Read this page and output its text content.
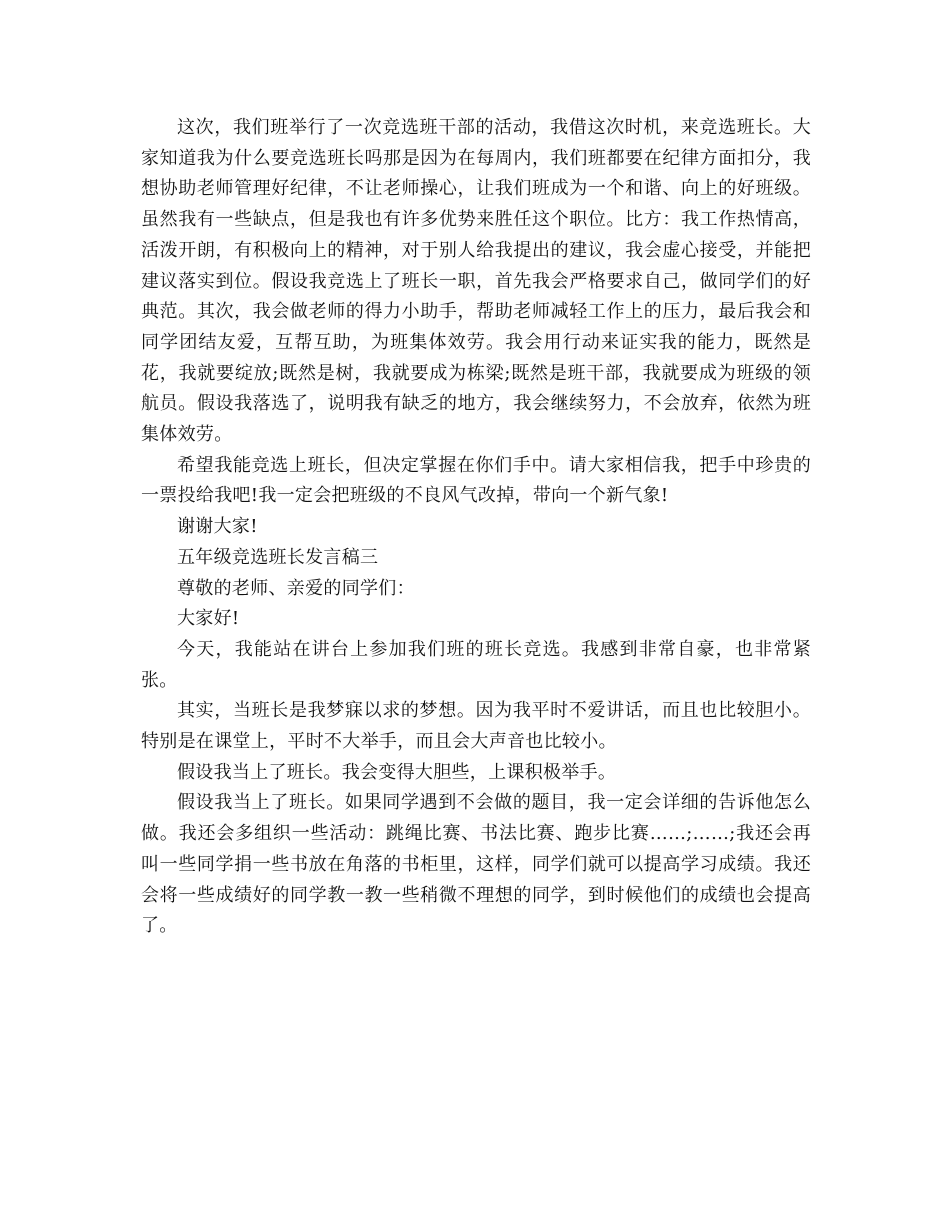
这次，我们班举行了一次竞选班干部的活动，我借这次时机，来竞选班长。大家知道我为什么要竞选班长吗那是因为在每周内，我们班都要在纪律方面扣分，我想协助老师管理好纪律，不让老师操心，让我们班成为一个和谐、向上的好班级。虽然我有一些缺点，但是我也有许多优势来胜任这个职位。比方：我工作热情高，活泼开朗，有积极向上的精神，对于别人给我提出的建议，我会虚心接受，并能把建议落实到位。假设我竞选上了班长一职，首先我会严格要求自己，做同学们的好典范。其次，我会做老师的得力小助手，帮助老师减轻工作上的压力，最后我会和同学团结友爱，互帮互助，为班集体效劳。我会用行动来证实我的能力，既然是花，我就要绽放;既然是树，我就要成为栋梁;既然是班干部，我就要成为班级的领航员。假设我落选了，说明我有缺乏的地方，我会继续努力，不会放弃，依然为班集体效劳。

希望我能竞选上班长，但决定掌握在你们手中。请大家相信我，把手中珍贵的一票投给我吧!我一定会把班级的不良风气改掉，带向一个新气象!

谢谢大家!

五年级竞选班长发言稿三

尊敬的老师、亲爱的同学们：

大家好!

今天，我能站在讲台上参加我们班的班长竞选。我感到非常自豪，也非常紧张。

其实，当班长是我梦寐以求的梦想。因为我平时不爱讲话，而且也比较胆小。特别是在课堂上，平时不大举手，而且会大声音也比较小。

假设我当上了班长。我会变得大胆些，上课积极举手。

假设我当上了班长。如果同学遇到不会做的题目，我一定会详细的告诉他怎么做。我还会多组织一些活动：跳绳比赛、书法比赛、跑步比赛……;……;我还会再叫一些同学捐一些书放在角落的书柜里，这样，同学们就可以提高学习成绩。我还会将一些成绩好的同学教一教一些稍微不理想的同学，到时候他们的成绩也会提高了。
